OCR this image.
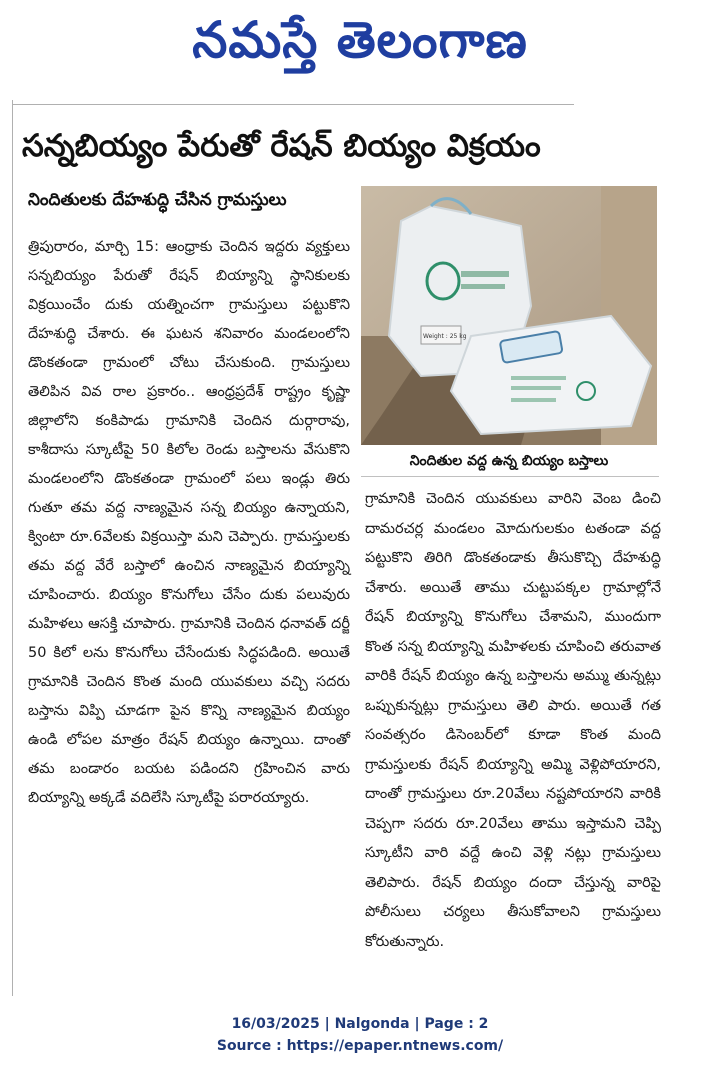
నమస్తే తెలంగాణ
సన్నబియ్యం పేరుతో రేషన్ బియ్యం విక్రయం
నిందితులకు దేహశుద్ధి చేసిన గ్రామస్తులు
త్రిపురారం, మార్చి 15: ఆంధ్రాకు చెందిన ఇద్దరు వ్యక్తులు సన్నబియ్యం పేరుతో రేషన్ బియ్యాన్ని స్థానికులకు విక్రయించేం దుకు యత్నించగా గ్రామస్తులు పట్టుకొని దేహశుద్ధి చేశారు. ఈ ఘటన శనివారం మండలంలోని డొంకతండా గ్రామంలో చోటు చేసుకుంది. గ్రామస్తులు తెలిపిన వివ రాల ప్రకారం.. ఆంధ్రప్రదేశ్ రాష్ట్రం కృష్ణా జిల్లాలోని కంకిపాడు గ్రామానికి చెందిన దుర్గారావు, కాశీదాసు స్కూటీపై 50 కిలోల రెండు బస్తాలను వేసుకొని మండలంలోని డొంకతండా గ్రామంలో పలు ఇండ్లు తిరు గుతూ తమ వద్ద నాణ్యమైన సన్న బియ్యం ఉన్నాయని, క్వింటా రూ.6వేలకు విక్రయిస్తా మని చెప్పారు. గ్రామస్తులకు తమ వద్ద వేరే బస్తాలో ఉంచిన నాణ్యమైన బియ్యాన్ని చూపించారు. బియ్యం కొనుగోలు చేసేం దుకు పలువురు మహిళలు ఆసక్తి చూపారు. గ్రామానికి చెందిన ధనావత్ దర్జీ 50 కిలో లను కొనుగోలు చేసేందుకు సిద్ధపడింది. అయితే గ్రామానికి చెందిన కొంత మంది యువకులు వచ్చి సదరు బస్తాను విప్పి చూడగా పైన కొన్ని నాణ్యమైన బియ్యం ఉండి లోపల మాత్రం రేషన్ బియ్యం ఉన్నాయి. దాంతో తమ బండారం బయట పడిందని గ్రహించిన వారు బియ్యాన్ని అక్కడే వదిలేసి స్కూటీపై పరారయ్యారు.
Weight : 25 kg
నిందితుల వద్ద ఉన్న బియ్యం బస్తాలు
గ్రామానికి చెందిన యువకులు వారిని వెంబ డించి దామరచర్ల మండలం మోదుగులకుం టతండా వద్ద పట్టుకొని తిరిగి డొంకతండాకు తీసుకొచ్చి దేహశుద్ధి చేశారు. అయితే తాము చుట్టుపక్కల గ్రామాల్లోనే రేషన్ బియ్యాన్ని కొనుగోలు చేశామని, ముందుగా కొంత సన్న బియ్యాన్ని మహిళలకు చూపించి తరువాత వారికి రేషన్ బియ్యం ఉన్న బస్తాలను అమ్ము తున్నట్లు ఒప్పుకున్నట్లు గ్రామస్తులు తెలి పారు. అయితే గత సంవత్సరం డిసెంబర్‌లో కూడా కొంత మంది గ్రామస్తులకు రేషన్ బియ్యాన్ని అమ్మి వెళ్లిపోయారని, దాంతో గ్రామస్తులు రూ.20వేలు నష్టపోయారని వారికి చెప్పగా సదరు రూ.20వేలు తాము ఇస్తామని చెప్పి స్కూటీని వారి వద్దే ఉంచి వెళ్లి నట్లు గ్రామస్తులు తెలిపారు. రేషన్ బియ్యం దందా చేస్తున్న వారిపై పోలీసులు చర్యలు తీసుకోవాలని గ్రామస్తులు కోరుతున్నారు.
16/03/2025 | Nalgonda | Page : 2
Source : https://epaper.ntnews.com/
